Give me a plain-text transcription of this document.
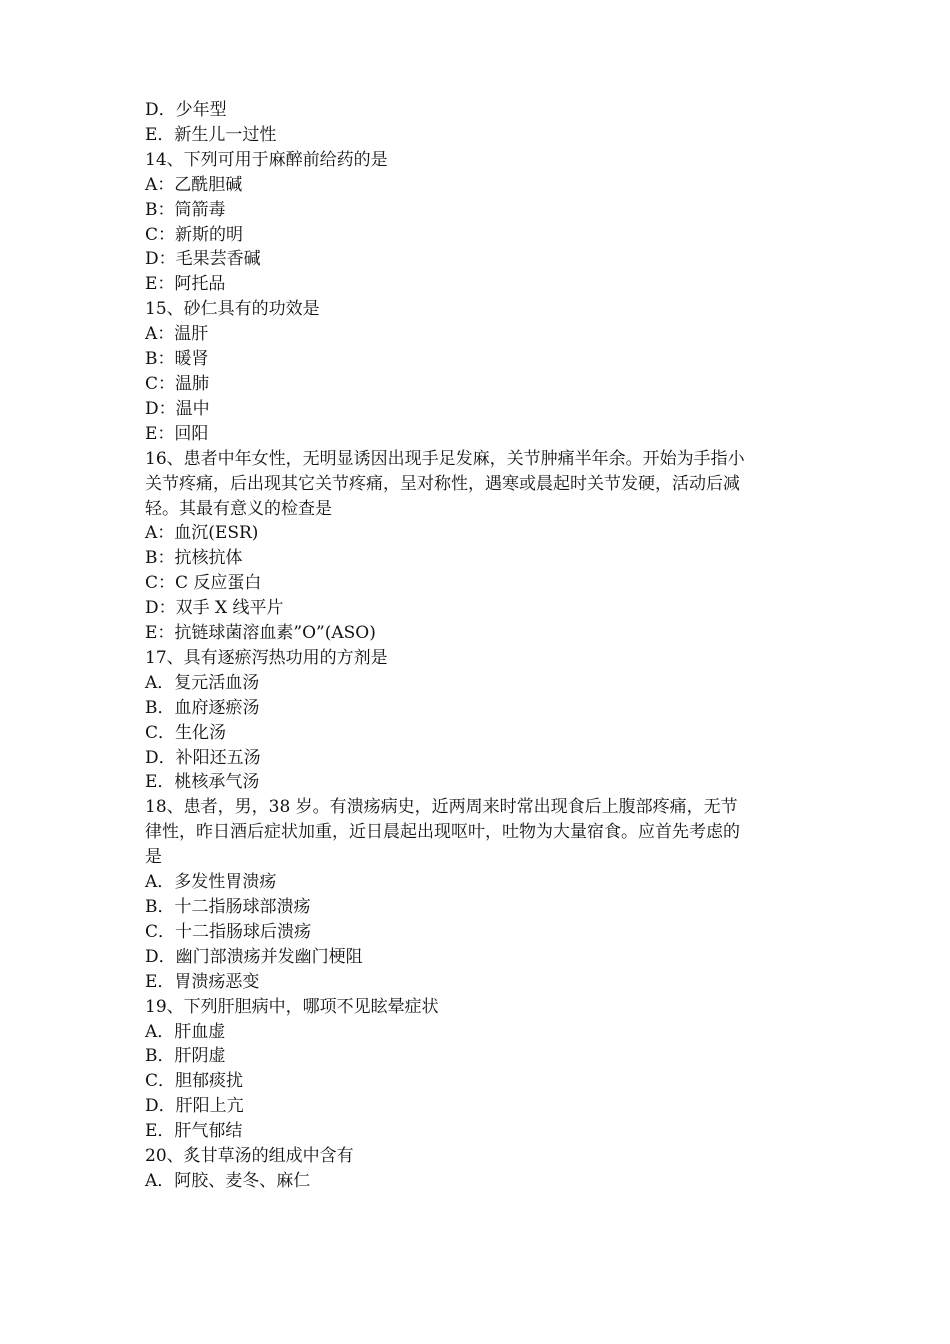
D．少年型
E．新生儿一过性
14、下列可用于麻醉前给药的是
A：乙酰胆碱
B：筒箭毒
C：新斯的明
D：毛果芸香碱
E：阿托品
15、砂仁具有的功效是
A：温肝
B：暖肾
C：温肺
D：温中
E：回阳
16、患者中年女性，无明显诱因出现手足发麻，关节肿痛半年余。开始为手指小
关节疼痛，后出现其它关节疼痛，呈对称性，遇寒或晨起时关节发硬，活动后减
轻。其最有意义的检查是
A：血沉(ESR)
B：抗核抗体
C：C 反应蛋白
D：双手 X 线平片
E：抗链球菌溶血素”O”(ASO)
17、具有逐瘀泻热功用的方剂是
A．复元活血汤
B．血府逐瘀汤
C．生化汤
D．补阳还五汤
E．桃核承气汤
18、患者，男，38 岁。有溃疡病史，近两周来时常出现食后上腹部疼痛，无节
律性，昨日酒后症状加重，近日晨起出现呕叶，吐物为大量宿食。应首先考虑的
是
A．多发性胃溃疡
B．十二指肠球部溃疡
C．十二指肠球后溃疡
D．幽门部溃疡并发幽门梗阻
E．胃溃疡恶变
19、下列肝胆病中，哪项不见眩晕症状
A．肝血虚
B．肝阴虚
C．胆郁痰扰
D．肝阳上亢
E．肝气郁结
20、炙甘草汤的组成中含有
A．阿胶、麦冬、麻仁
